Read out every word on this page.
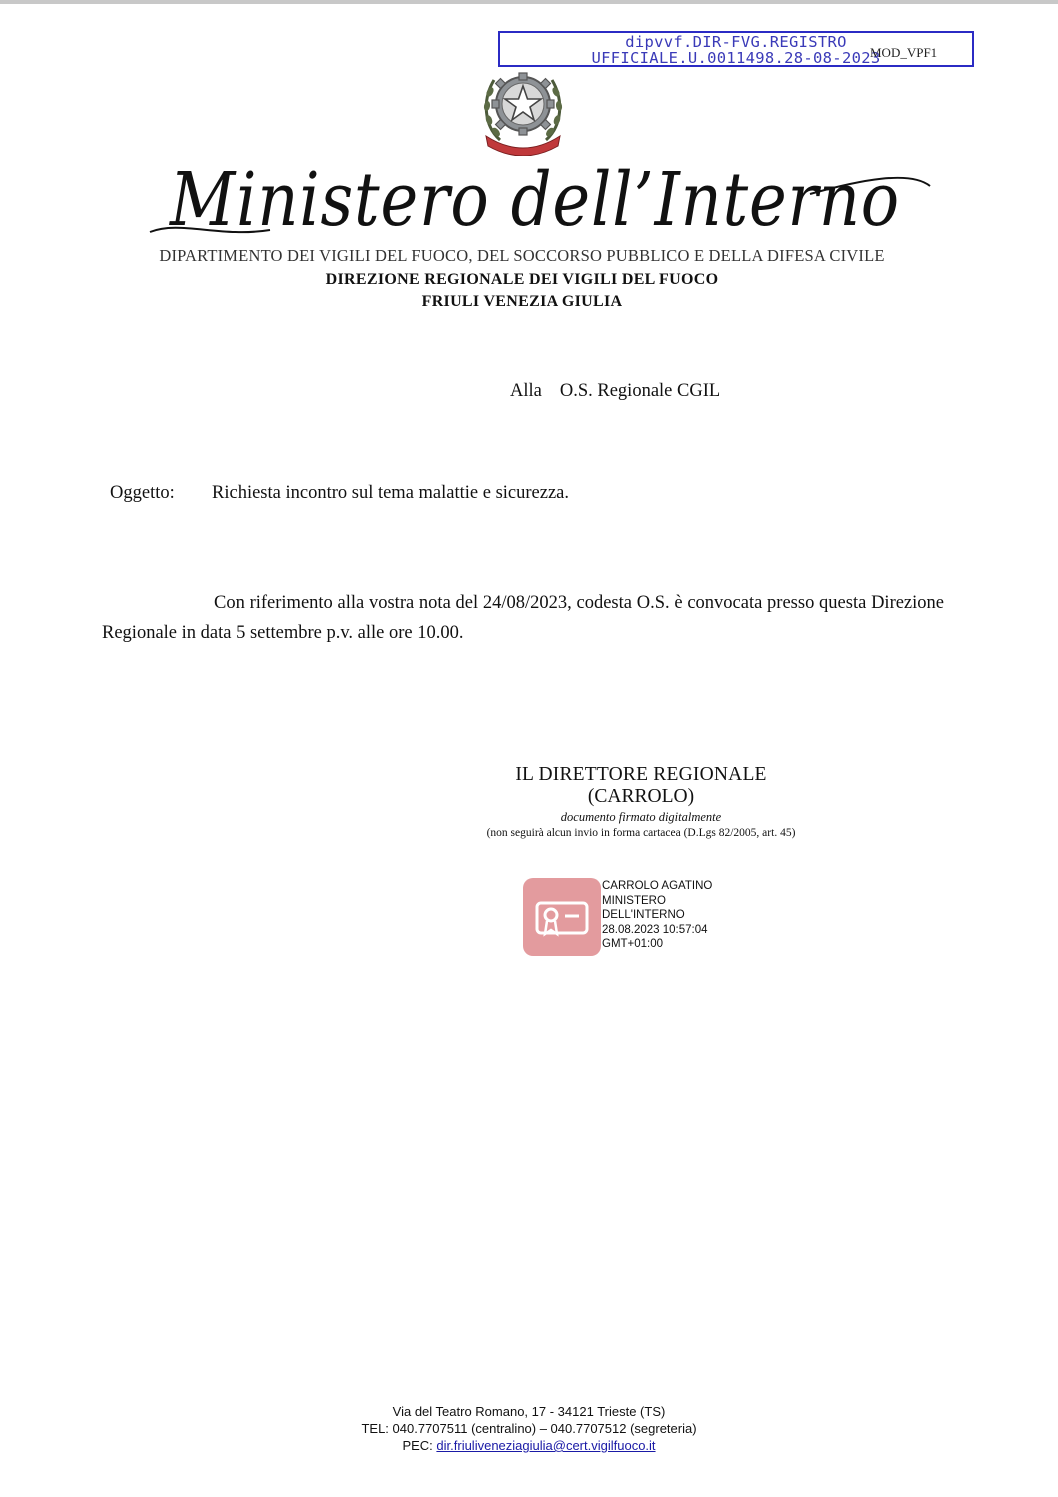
dipvvf.DIR-FVG.REGISTRO
UFFICIALE.U.0011498.28-08-2023
MOD_VPF1
Ministero dell’Interno
DIPARTIMENTO DEI VIGILI DEL FUOCO, DEL SOCCORSO PUBBLICO E DELLA DIFESA CIVILE
DIREZIONE REGIONALE DEI VIGILI DEL FUOCO
FRIULI VENEZIA GIULIA
Alla O.S. Regionale CGIL
Oggetto: Richiesta incontro sul tema malattie e sicurezza.
Con riferimento alla vostra nota del 24/08/2023, codesta O.S. è convocata presso questa Direzione Regionale in data 5 settembre p.v. alle ore 10.00.
IL DIRETTORE REGIONALE
(CARROLO)
documento firmato digitalmente
(non seguirà alcun invio in forma cartacea (D.Lgs 82/2005, art. 45)
CARROLO AGATINO
MINISTERO
DELL'INTERNO
28.08.2023 10:57:04
GMT+01:00
Via del Teatro Romano, 17 - 34121 Trieste (TS)
TEL: 040.7707511 (centralino) – 040.7707512 (segreteria)
PEC: dir.friuliveneziagiulia@cert.vigilfuoco.it
